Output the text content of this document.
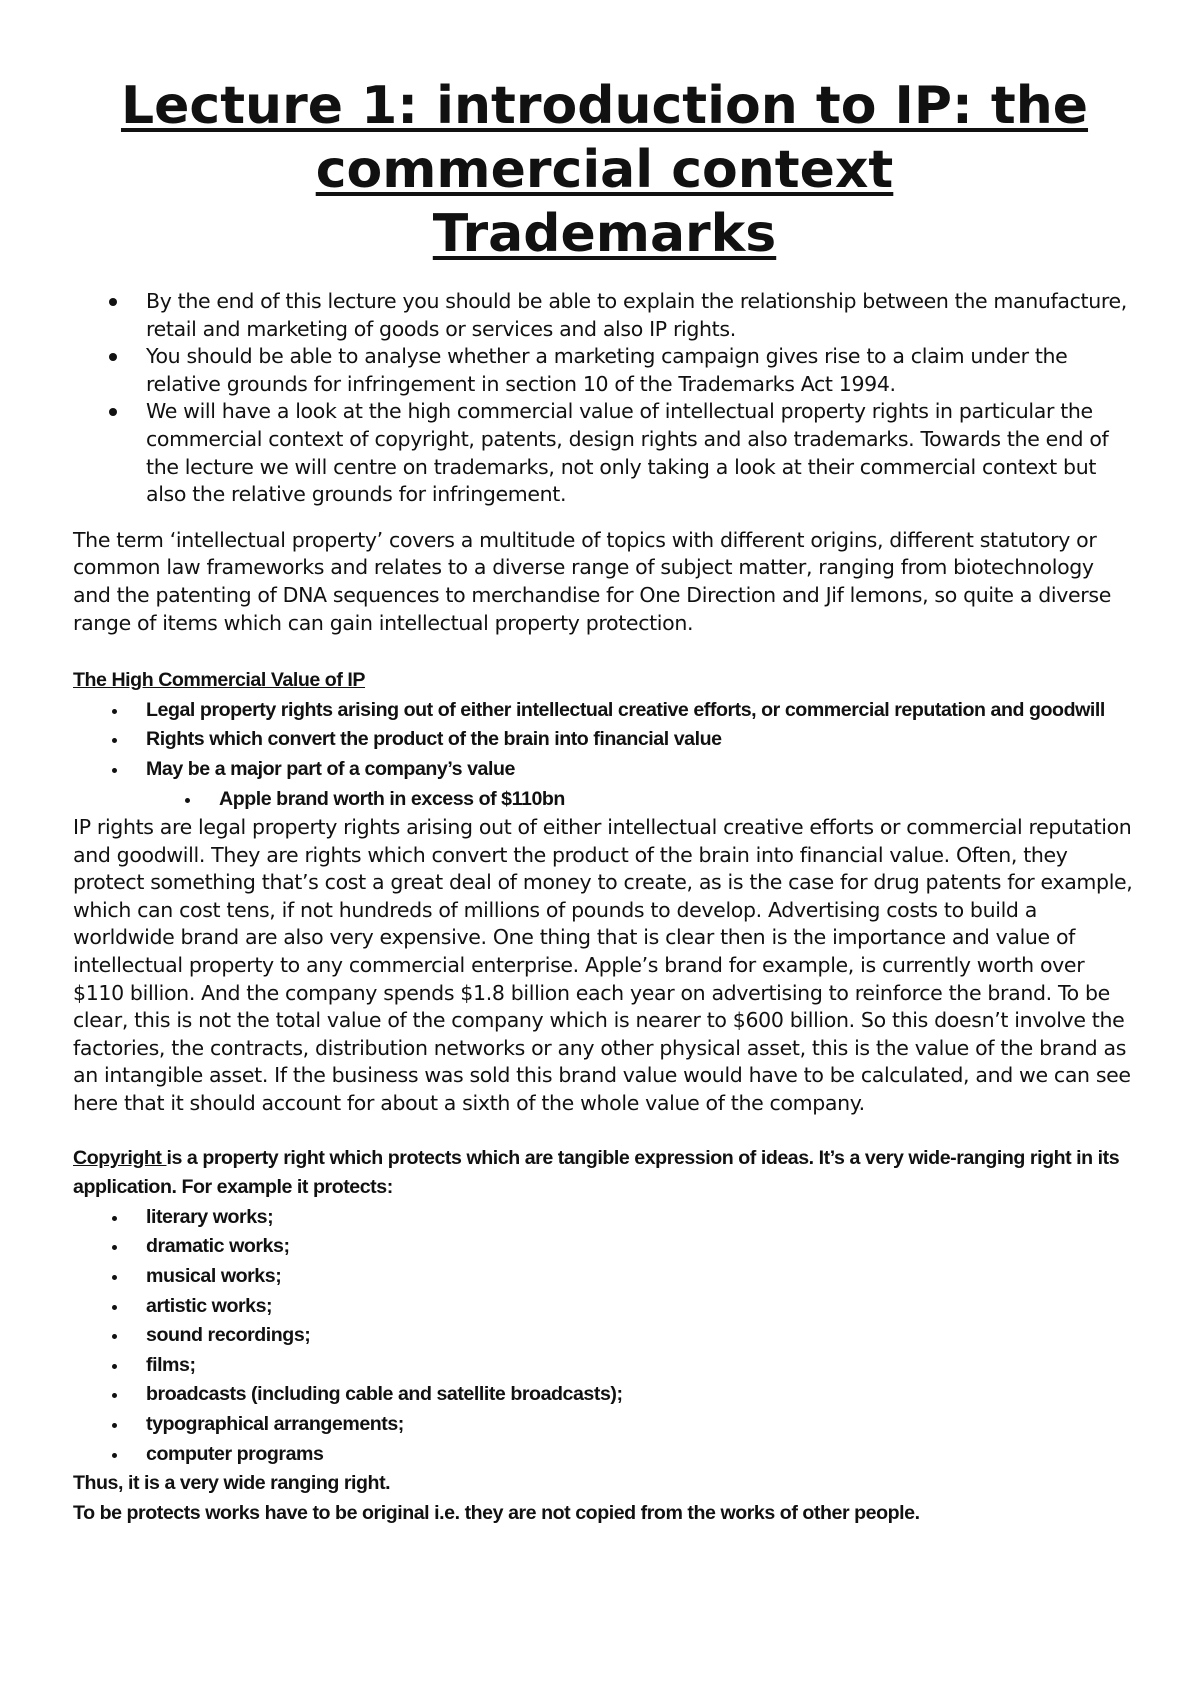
Lecture 1: introduction to IP: the
commercial context
Trademarks
By the end of this lecture you should be able to explain the relationship between the manufacture, retail and marketing of goods or services and also IP rights.
You should be able to analyse whether a marketing campaign gives rise to a claim under the relative grounds for infringement in section 10 of the Trademarks Act 1994.
We will have a look at the high commercial value of intellectual property rights in particular the commercial context of copyright, patents, design rights and also trademarks. Towards the end of the lecture we will centre on trademarks, not only taking a look at their commercial context but also the relative grounds for infringement.

The term ‘intellectual property’ covers a multitude of topics with different origins, different statutory or common law frameworks and relates to a diverse range of subject matter, ranging from biotechnology and the patenting of DNA sequences to merchandise for One Direction and Jif lemons, so quite a diverse range of items which can gain intellectual property protection.

The High Commercial Value of IP
Legal property rights arising out of either intellectual creative efforts, or commercial reputation and goodwill
Rights which convert the product of the brain into financial value
May be a major part of a company’s value
Apple brand worth in excess of $110bn

IP rights are legal property rights arising out of either intellectual creative efforts or commercial reputation and goodwill. They are rights which convert the product of the brain into financial value. Often, they protect something that’s cost a great deal of money to create, as is the case for drug patents for example, which can cost tens, if not hundreds of millions of pounds to develop. Advertising costs to build a worldwide brand are also very expensive. One thing that is clear then is the importance and value of intellectual property to any commercial enterprise. Apple’s brand for example, is currently worth over $110 billion. And the company spends $1.8 billion each year on advertising to reinforce the brand. To be clear, this is not the total value of the company which is nearer to $600 billion. So this doesn’t involve the factories, the contracts, distribution networks or any other physical asset, this is the value of the brand as an intangible asset. If the business was sold this brand value would have to be calculated, and we can see here that it should account for about a sixth of the whole value of the company.

Copyright is a property right which protects which are tangible expression of ideas. It’s a very wide-ranging right in its application. For example it protects:
literary works;
dramatic works;
musical works;
artistic works;
sound recordings;
films;
broadcasts (including cable and satellite broadcasts);
typographical arrangements;
computer programs
Thus, it is a very wide ranging right.
To be protects works have to be original i.e. they are not copied from the works of other people.
